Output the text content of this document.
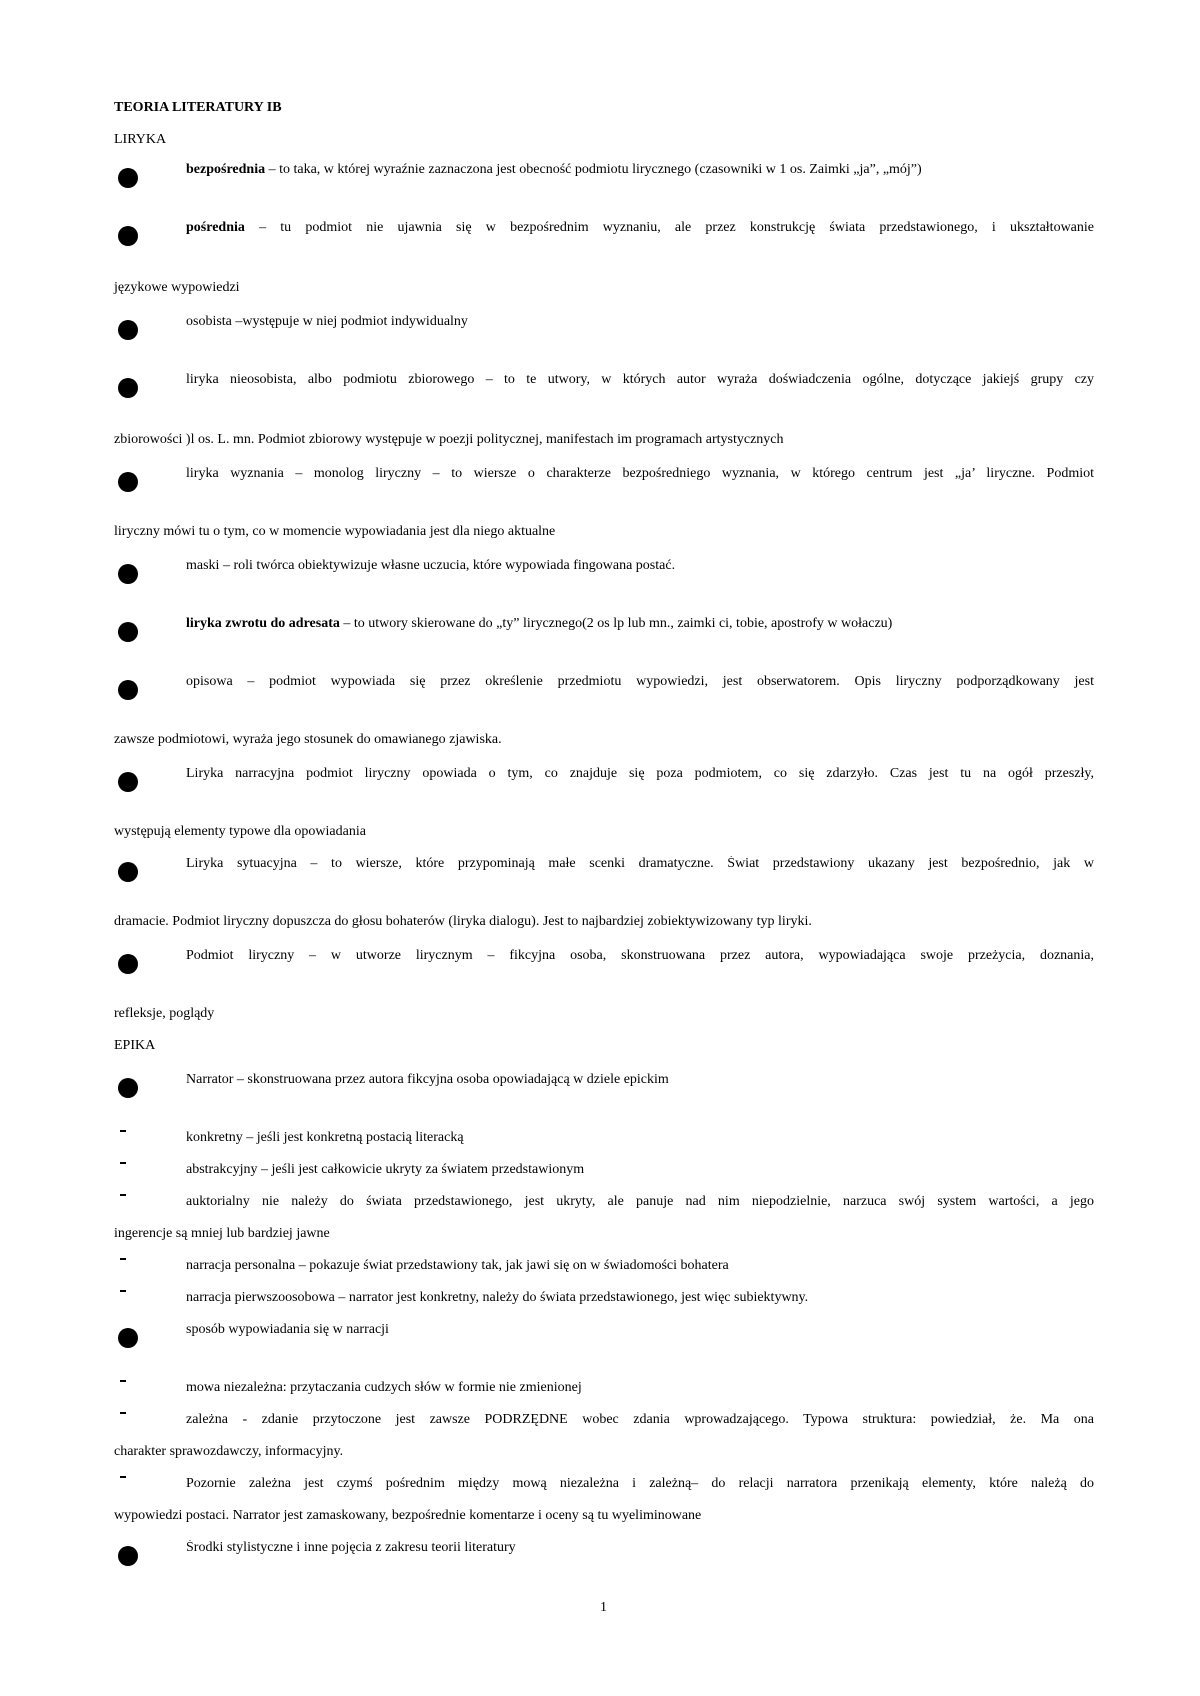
TEORIA LITERATURY IB
LIRYKA
bezpośrednia – to taka, w której wyraźnie zaznaczona jest obecność podmiotu lirycznego (czasowniki w 1 os. Zaimki „ja”, „mój”)
pośrednia – tu podmiot nie ujawnia się w bezpośrednim wyznaniu, ale przez konstrukcję świata przedstawionego, i ukształtowanie
językowe wypowiedzi
osobista –występuje w niej podmiot indywidualny
liryka nieosobista, albo podmiotu zbiorowego – to te utwory, w których autor wyraża doświadczenia ogólne, dotyczące jakiejś grupy czy
zbiorowości )l os. L. mn. Podmiot zbiorowy występuje w poezji politycznej, manifestach im programach artystycznych
liryka wyznania – monolog liryczny – to wiersze o charakterze bezpośredniego wyznania, w którego centrum jest „ja’ liryczne. Podmiot
liryczny mówi tu o tym, co w momencie wypowiadania jest dla niego aktualne
maski – roli twórca obiektywizuje własne uczucia, które wypowiada fingowana postać.
liryka zwrotu do adresata – to utwory skierowane do „ty” lirycznego(2 os lp lub mn., zaimki ci, tobie, apostrofy w wołaczu)
opisowa – podmiot wypowiada się przez określenie przedmiotu wypowiedzi, jest obserwatorem. Opis liryczny podporządkowany jest
zawsze podmiotowi, wyraża jego stosunek do omawianego zjawiska.
Liryka narracyjna podmiot liryczny opowiada o tym, co znajduje się poza podmiotem, co się zdarzyło. Czas jest tu na ogół przeszły,
występują elementy typowe dla opowiadania
Liryka sytuacyjna – to wiersze, które przypominają małe scenki dramatyczne. Świat przedstawiony ukazany jest bezpośrednio, jak w
dramacie. Podmiot liryczny dopuszcza do głosu bohaterów (liryka dialogu). Jest to najbardziej zobiektywizowany typ liryki.
Podmiot liryczny – w utworze lirycznym – fikcyjna osoba, skonstruowana przez autora, wypowiadająca swoje przeżycia, doznania,
refleksje, poglądy
EPIKA
Narrator – skonstruowana przez autora fikcyjna osoba opowiadającą w dziele epickim
konkretny – jeśli jest konkretną postacią literacką
abstrakcyjny – jeśli jest całkowicie ukryty za światem przedstawionym
auktorialny nie należy do świata przedstawionego, jest ukryty, ale panuje nad nim niepodzielnie, narzuca swój system wartości, a jego
ingerencje są mniej lub bardziej jawne
narracja personalna – pokazuje świat przedstawiony tak, jak jawi się on w świadomości bohatera
narracja pierwszoosobowa – narrator jest konkretny, należy do świata przedstawionego, jest więc subiektywny.
sposób wypowiadania się w narracji
mowa niezależna: przytaczania cudzych słów w formie nie zmienionej
zależna - zdanie przytoczone jest zawsze PODRZĘDNE wobec zdania wprowadzającego. Typowa struktura: powiedział, że. Ma ona
charakter sprawozdawczy, informacyjny.
Pozornie zależna jest czymś pośrednim między mową niezależna i zależną– do relacji narratora przenikają elementy, które należą do
wypowiedzi postaci. Narrator jest zamaskowany, bezpośrednie komentarze i oceny są tu wyeliminowane
Środki stylistyczne i inne pojęcia z zakresu teorii literatury
1
